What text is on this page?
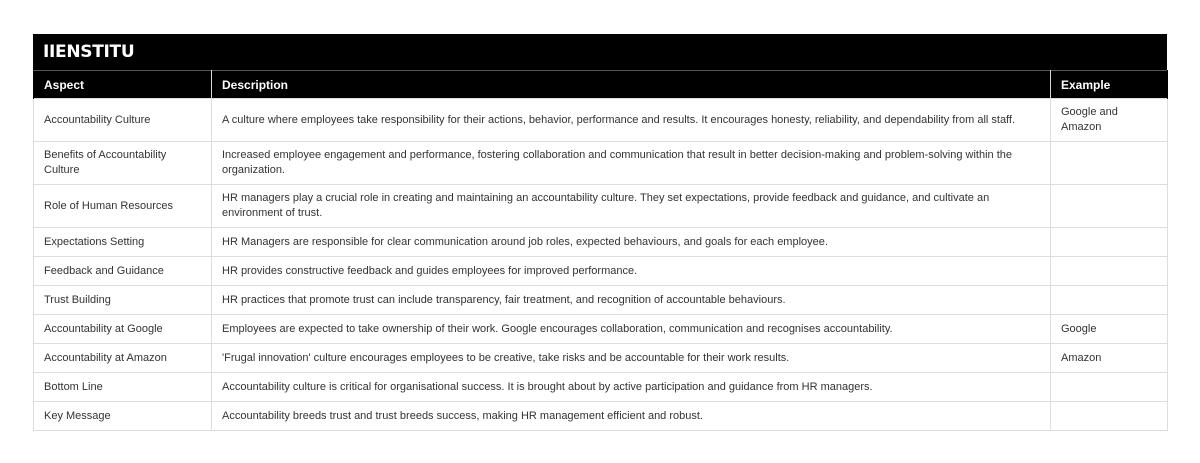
IIENSTITU
Aspect	Description	Example
Accountability Culture	A culture where employees take responsibility for their actions, behavior, performance and results. It encourages honesty, reliability, and dependability from all staff.	Google and Amazon
Benefits of Accountability Culture	Increased employee engagement and performance, fostering collaboration and communication that result in better decision-making and problem-solving within the organization.	
Role of Human Resources	HR managers play a crucial role in creating and maintaining an accountability culture. They set expectations, provide feedback and guidance, and cultivate an environment of trust.	
Expectations Setting	HR Managers are responsible for clear communication around job roles, expected behaviours, and goals for each employee.	
Feedback and Guidance	HR provides constructive feedback and guides employees for improved performance.	
Trust Building	HR practices that promote trust can include transparency, fair treatment, and recognition of accountable behaviours.	
Accountability at Google	Employees are expected to take ownership of their work. Google encourages collaboration, communication and recognises accountability.	Google
Accountability at Amazon	'Frugal innovation' culture encourages employees to be creative, take risks and be accountable for their work results.	Amazon
Bottom Line	Accountability culture is critical for organisational success. It is brought about by active participation and guidance from HR managers.	
Key Message	Accountability breeds trust and trust breeds success, making HR management efficient and robust.	
